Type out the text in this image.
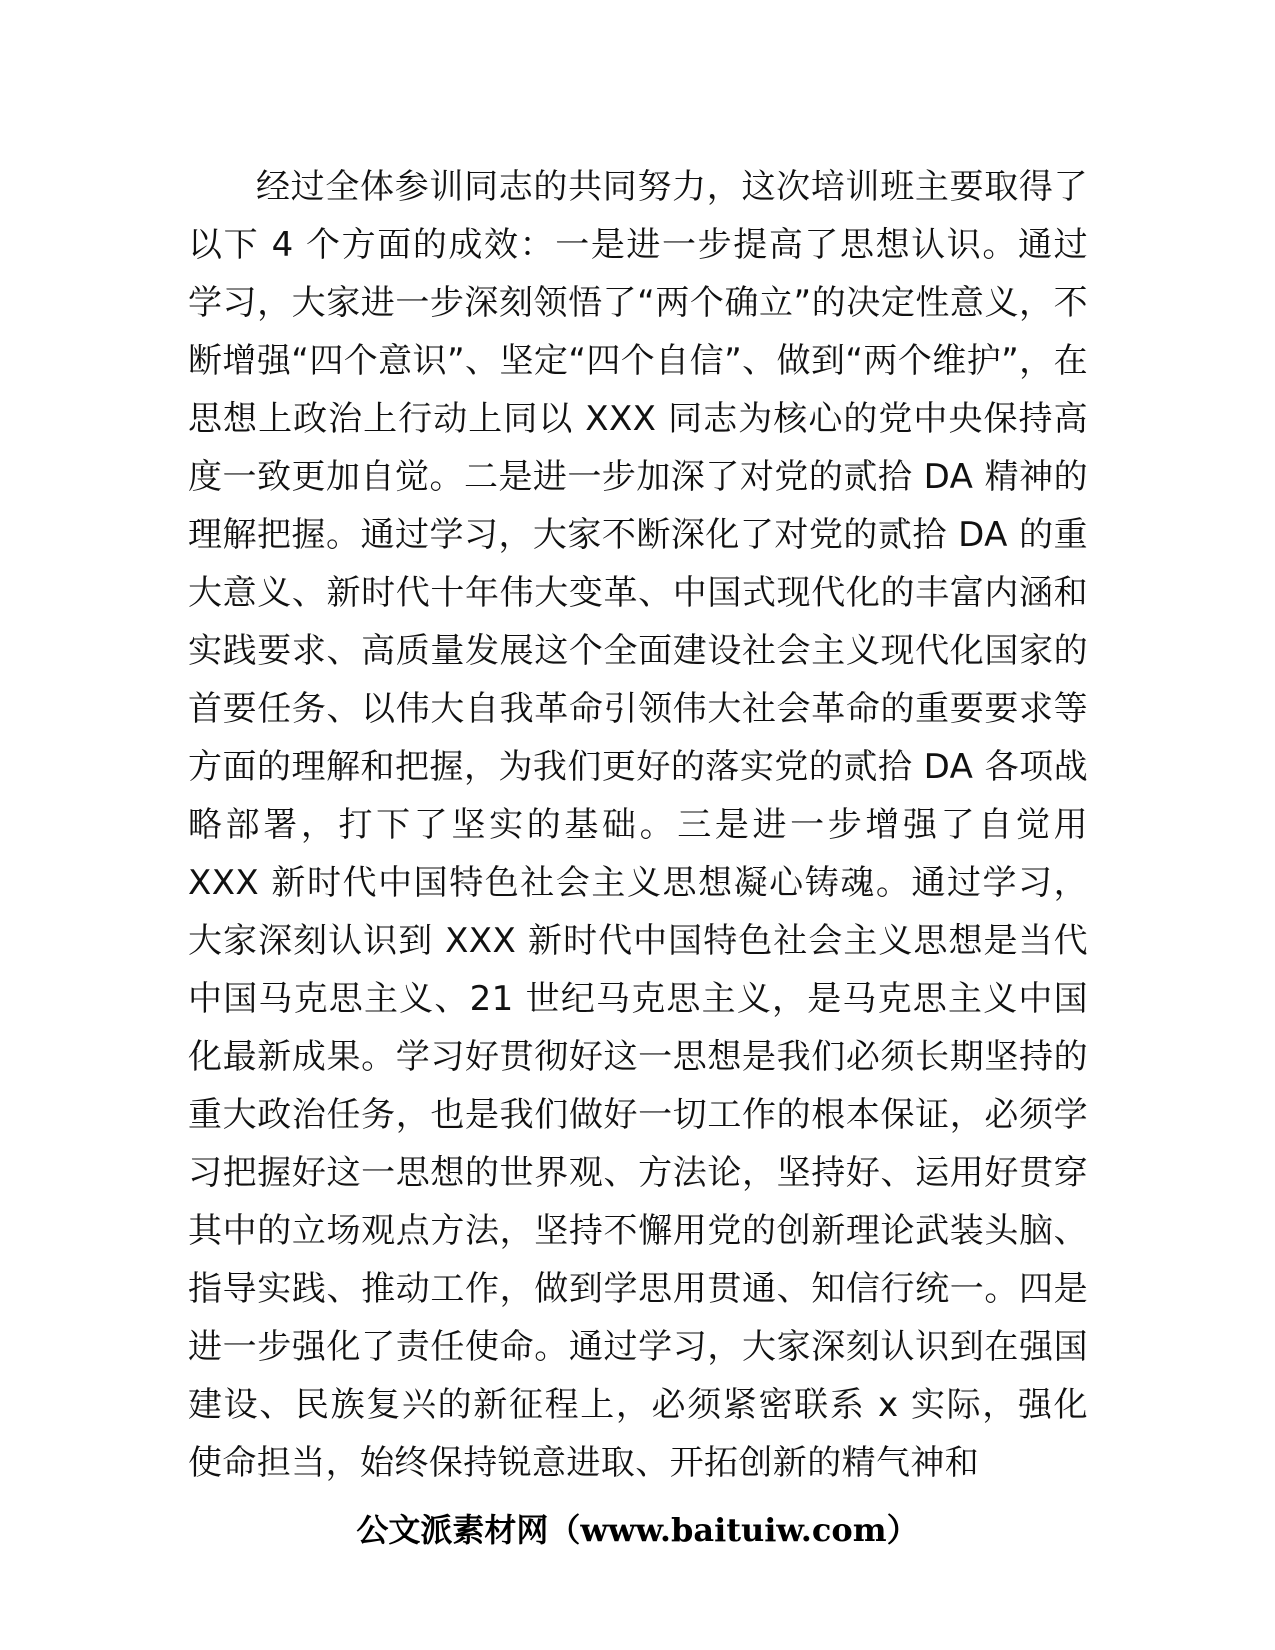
经过全体参训同志的共同努力，这次培训班主要取得了以下 4 个方面的成效：一是进一步提高了思想认识。通过学习，大家进一步深刻领悟了“两个确立”的决定性意义，不断增强“四个意识”、坚定“四个自信”、做到“两个维护”，在思想上政治上行动上同以 XXX 同志为核心的党中央保持高度一致更加自觉。二是进一步加深了对党的贰拾 DA 精神的理解把握。通过学习，大家不断深化了对党的贰拾 DA 的重大意义、新时代十年伟大变革、中国式现代化的丰富内涵和实践要求、高质量发展这个全面建设社会主义现代化国家的首要任务、以伟大自我革命引领伟大社会革命的重要要求等方面的理解和把握，为我们更好的落实党的贰拾 DA 各项战略部署，打下了坚实的基础。三是进一步增强了自觉用 XXX 新时代中国特色社会主义思想凝心铸魂。通过学习，大家深刻认识到 XXX 新时代中国特色社会主义思想是当代中国马克思主义、21 世纪马克思主义，是马克思主义中国化最新成果。学习好贯彻好这一思想是我们必须长期坚持的重大政治任务，也是我们做好一切工作的根本保证，必须学习把握好这一思想的世界观、方法论，坚持好、运用好贯穿其中的立场观点方法，坚持不懈用党的创新理论武装头脑、指导实践、推动工作，做到学思用贯通、知信行统一。四是进一步强化了责任使命。通过学习，大家深刻认识到在强国建设、民族复兴的新征程上，必须紧密联系 x 实际，强化使命担当，始终保持锐意进取、开拓创新的精气神和

公文派素材网（www.baituiw.com）
